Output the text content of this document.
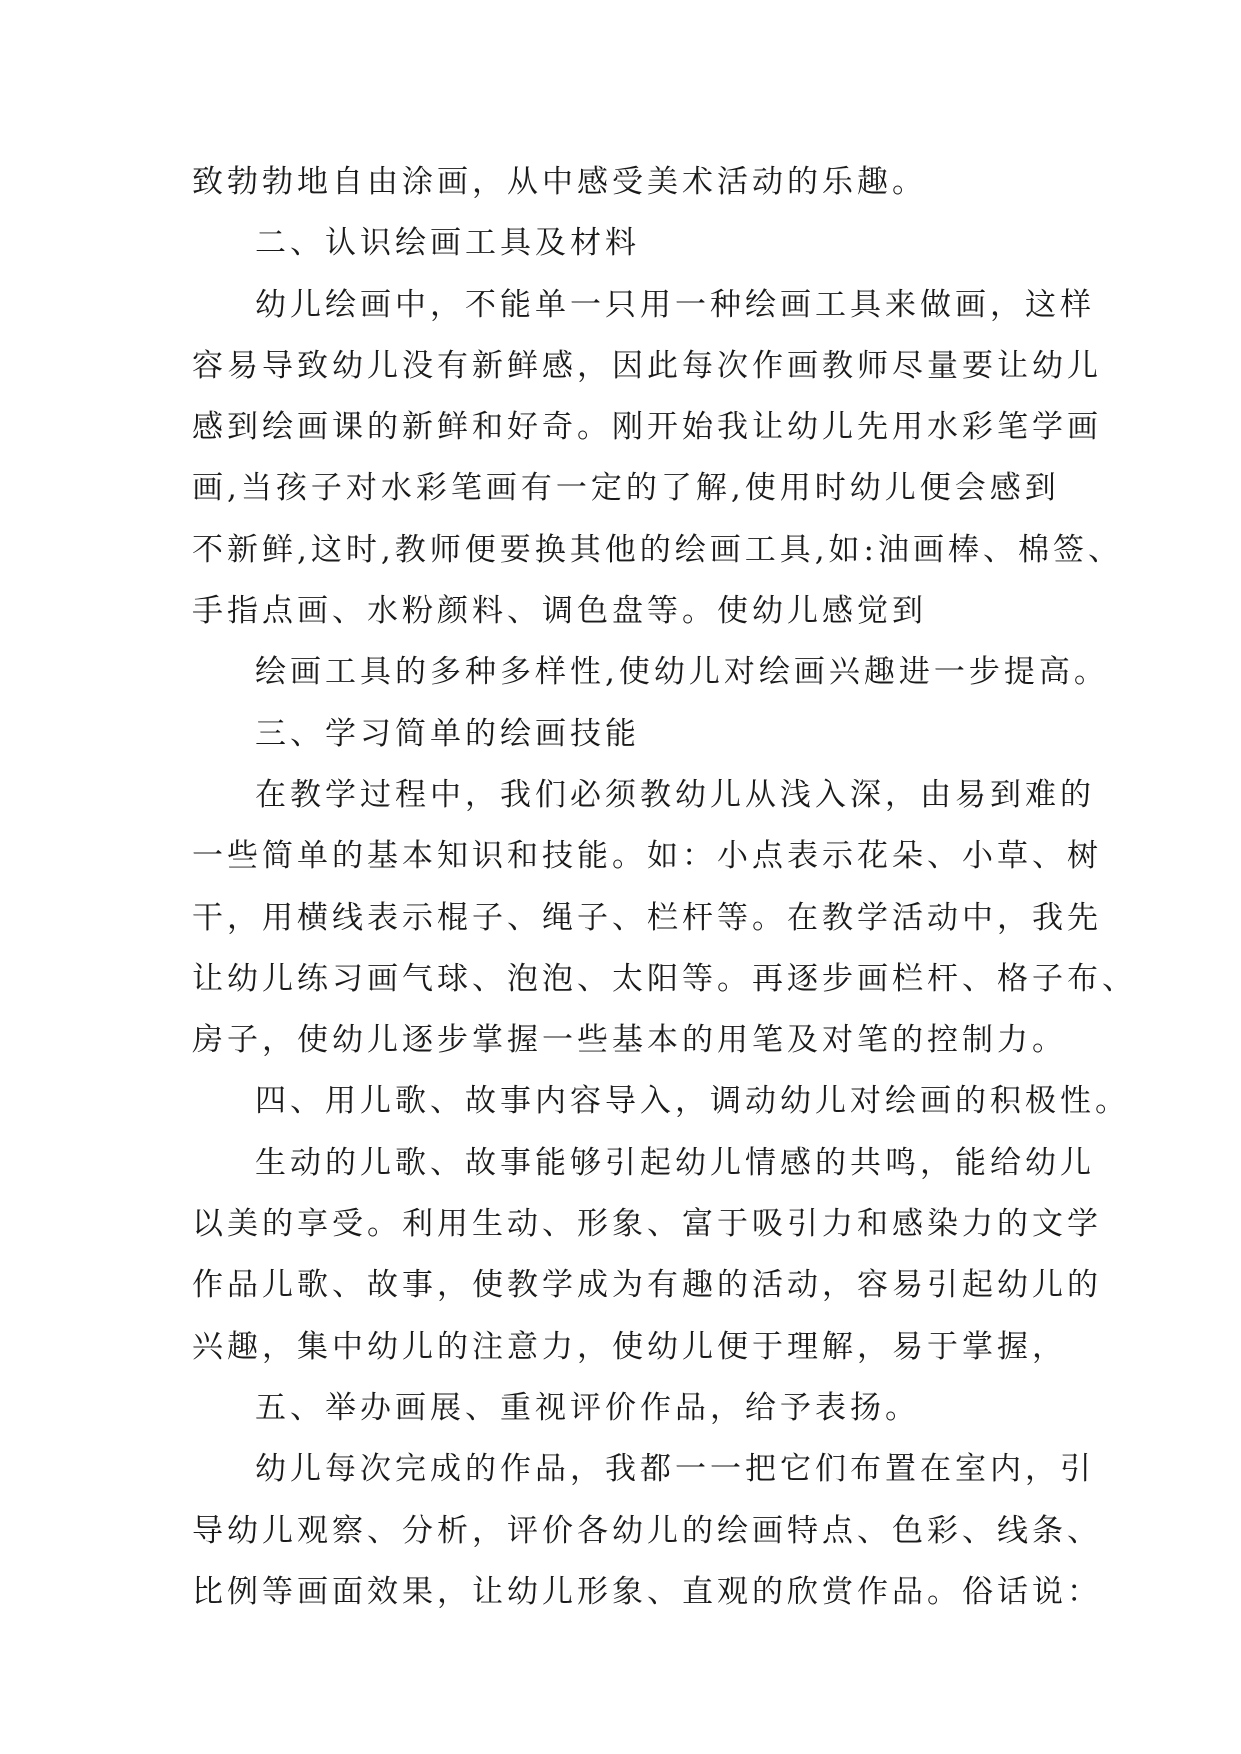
致勃勃地自由涂画，从中感受美术活动的乐趣。
二、认识绘画工具及材料
幼儿绘画中，不能单一只用一种绘画工具来做画，这样
容易导致幼儿没有新鲜感，因此每次作画教师尽量要让幼儿
感到绘画课的新鲜和好奇。刚开始我让幼儿先用水彩笔学画
画,当孩子对水彩笔画有一定的了解,使用时幼儿便会感到
不新鲜,这时,教师便要换其他的绘画工具,如:油画棒、棉签、
手指点画、水粉颜料、调色盘等。使幼儿感觉到
绘画工具的多种多样性,使幼儿对绘画兴趣进一步提高。
三、学习简单的绘画技能
在教学过程中，我们必须教幼儿从浅入深，由易到难的
一些简单的基本知识和技能。如：小点表示花朵、小草、树
干，用横线表示棍子、绳子、栏杆等。在教学活动中，我先
让幼儿练习画气球、泡泡、太阳等。再逐步画栏杆、格子布、
房子，使幼儿逐步掌握一些基本的用笔及对笔的控制力。
四、用儿歌、故事内容导入，调动幼儿对绘画的积极性。
生动的儿歌、故事能够引起幼儿情感的共鸣，能给幼儿
以美的享受。利用生动、形象、富于吸引力和感染力的文学
作品儿歌、故事，使教学成为有趣的活动，容易引起幼儿的
兴趣，集中幼儿的注意力，使幼儿便于理解，易于掌握，
五、举办画展、重视评价作品，给予表扬。
幼儿每次完成的作品，我都一一把它们布置在室内，引
导幼儿观察、分析，评价各幼儿的绘画特点、色彩、线条、
比例等画面效果，让幼儿形象、直观的欣赏作品。俗话说：
